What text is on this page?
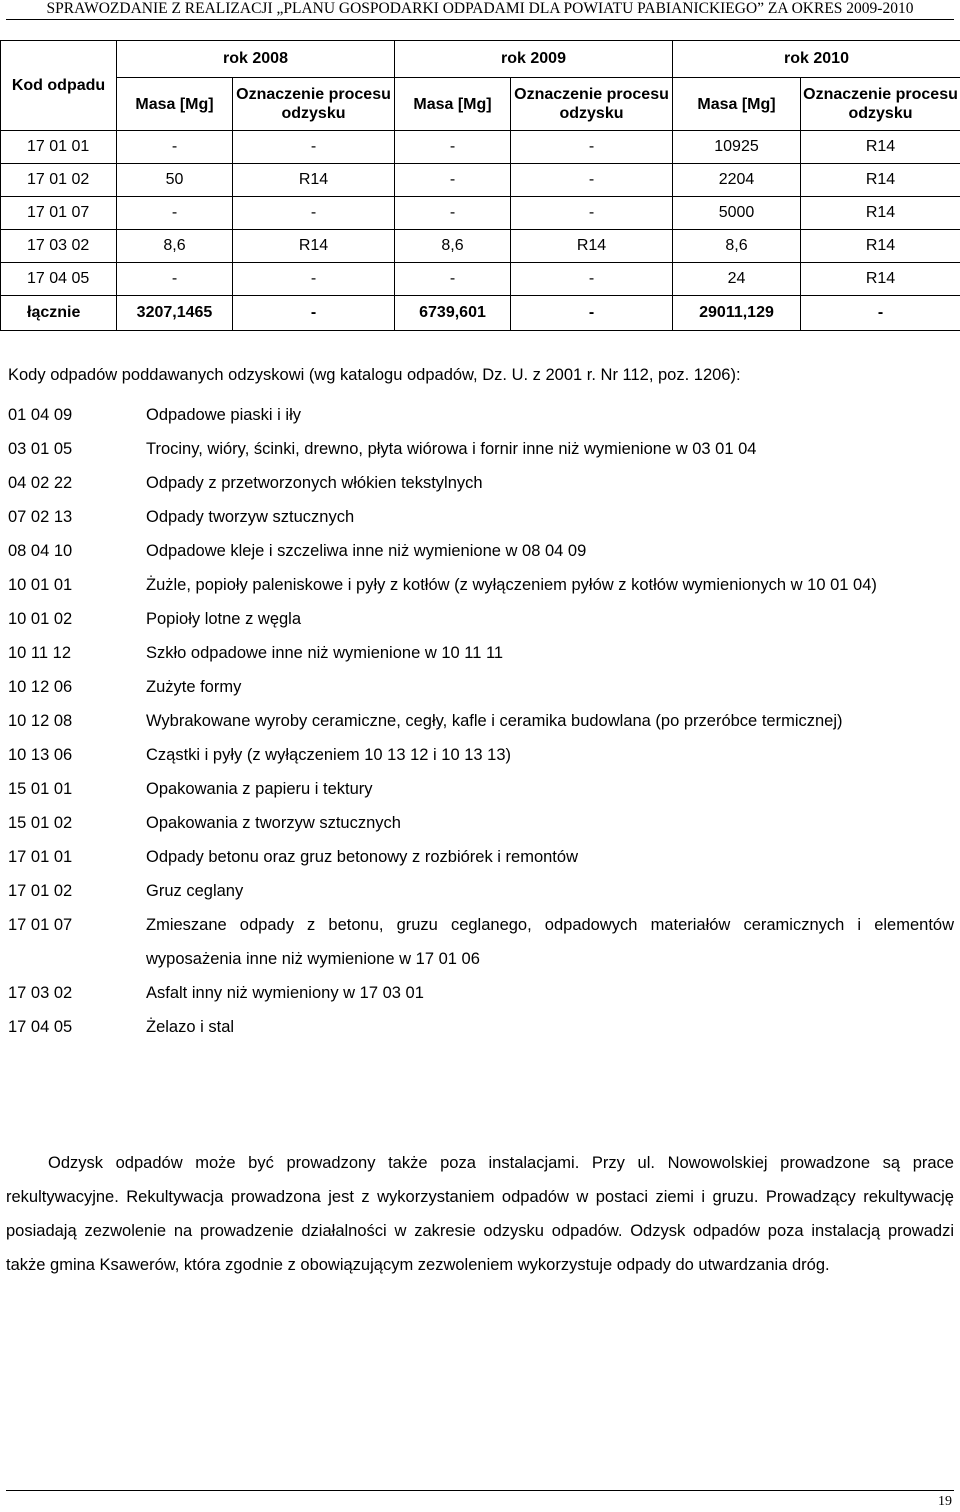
SPRAWOZDANIE Z REALIZACJI „PLANU GOSPODARKI ODPADAMI DLA POWIATU PABIANICKIEGO” ZA OKRES 2009-2010
Kod odpadu	rok 2008		rok 2009		rok 2010	
	Masa [Mg]	Oznaczenie procesu odzysku	Masa [Mg]	Oznaczenie procesu odzysku	Masa [Mg]	Oznaczenie procesu odzysku
17 01 01	-	-	-	-	10925	R14
17 01 02	50	R14	-	-	2204	R14
17 01 07	-	-	-	-	5000	R14
17 03 02	8,6	R14	8,6	R14	8,6	R14
17 04 05	-	-	-	-	24	R14
łącznie	3207,1465	-	6739,601	-	29011,129	-
Kody odpadów poddawanych odzyskowi (wg katalogu odpadów, Dz. U. z 2001 r. Nr 112, poz. 1206):
01 04 09	Odpadowe piaski i iły
03 01 05	Trociny, wióry, ścinki, drewno, płyta wiórowa i fornir inne niż wymienione w 03 01 04
04 02 22	Odpady z przetworzonych włókien tekstylnych
07 02 13	Odpady tworzyw sztucznych
08 04 10	Odpadowe kleje i szczeliwa inne niż wymienione w 08 04 09
10 01 01	Żużle, popioły paleniskowe i pyły z kotłów (z wyłączeniem pyłów z kotłów wymienionych w 10 01 04)
10 01 02	Popioły lotne z węgla
10 11 12	Szkło odpadowe inne niż wymienione w 10 11 11
10 12 06	Zużyte formy
10 12 08	Wybrakowane wyroby ceramiczne, cegły, kafle i ceramika budowlana (po przeróbce termicznej)
10 13 06	Cząstki i pyły (z wyłączeniem 10 13 12 i 10 13 13)
15 01 01	Opakowania z papieru i tektury
15 01 02	Opakowania z tworzyw sztucznych
17 01 01	Odpady betonu oraz gruz betonowy z rozbiórek i remontów
17 01 02	Gruz ceglany
17 01 07	Zmieszane odpady z betonu, gruzu ceglanego, odpadowych materiałów ceramicznych i elementów wyposażenia inne niż wymienione w 17 01 06
17 03 02	Asfalt inny niż wymieniony w 17 03 01
17 04 05	Żelazo i stal
Odzysk odpadów może być prowadzony także poza instalacjami. Przy ul. Nowowolskiej prowadzone są prace rekultywacyjne. Rekultywacja prowadzona jest z wykorzystaniem odpadów w postaci ziemi i gruzu. Prowadzący rekultywację posiadają zezwolenie na prowadzenie działalności w zakresie odzysku odpadów. Odzysk odpadów poza instalacją prowadzi także gmina Ksawerów, która zgodnie z obowiązującym zezwoleniem wykorzystuje odpady do utwardzania dróg.
19
